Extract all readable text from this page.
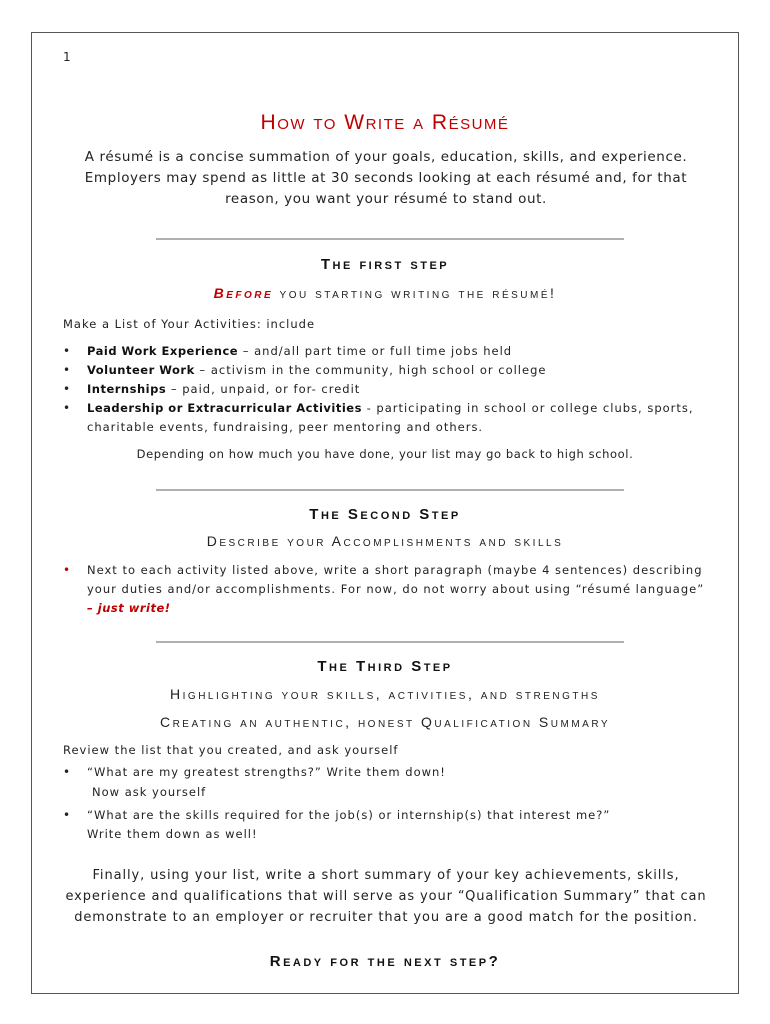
1
How to Write a Résumé
A résumé is a concise summation of your goals, education, skills, and experience. Employers may spend as little at 30 seconds looking at each résumé and, for that reason, you want your résumé to stand out.
The first step
Before you starting writing the résumé!
Make a List of Your Activities: include
• Paid Work Experience – and/all part time or full time jobs held
• Volunteer Work – activism in the community, high school or college
• Internships – paid, unpaid, or for- credit
• Leadership or Extracurricular Activities - participating in school or college clubs, sports, charitable events, fundraising, peer mentoring and others.
Depending on how much you have done, your list may go back to high school.
The Second Step
Describe your Accomplishments and skills
• Next to each activity listed above, write a short paragraph (maybe 4 sentences) describing your duties and/or accomplishments. For now, do not worry about using “résumé language” – just write!
The Third Step
Highlighting your skills, activities, and strengths
Creating an authentic, honest Qualification Summary
Review the list that you created, and ask yourself
• “What are my greatest strengths?” Write them down!
Now ask yourself
• “What are the skills required for the job(s) or internship(s) that interest me?”
Write them down as well!
Finally, using your list, write a short summary of your key achievements, skills, experience and qualifications that will serve as your “Qualification Summary” that can demonstrate to an employer or recruiter that you are a good match for the position.
Ready for the next step?
